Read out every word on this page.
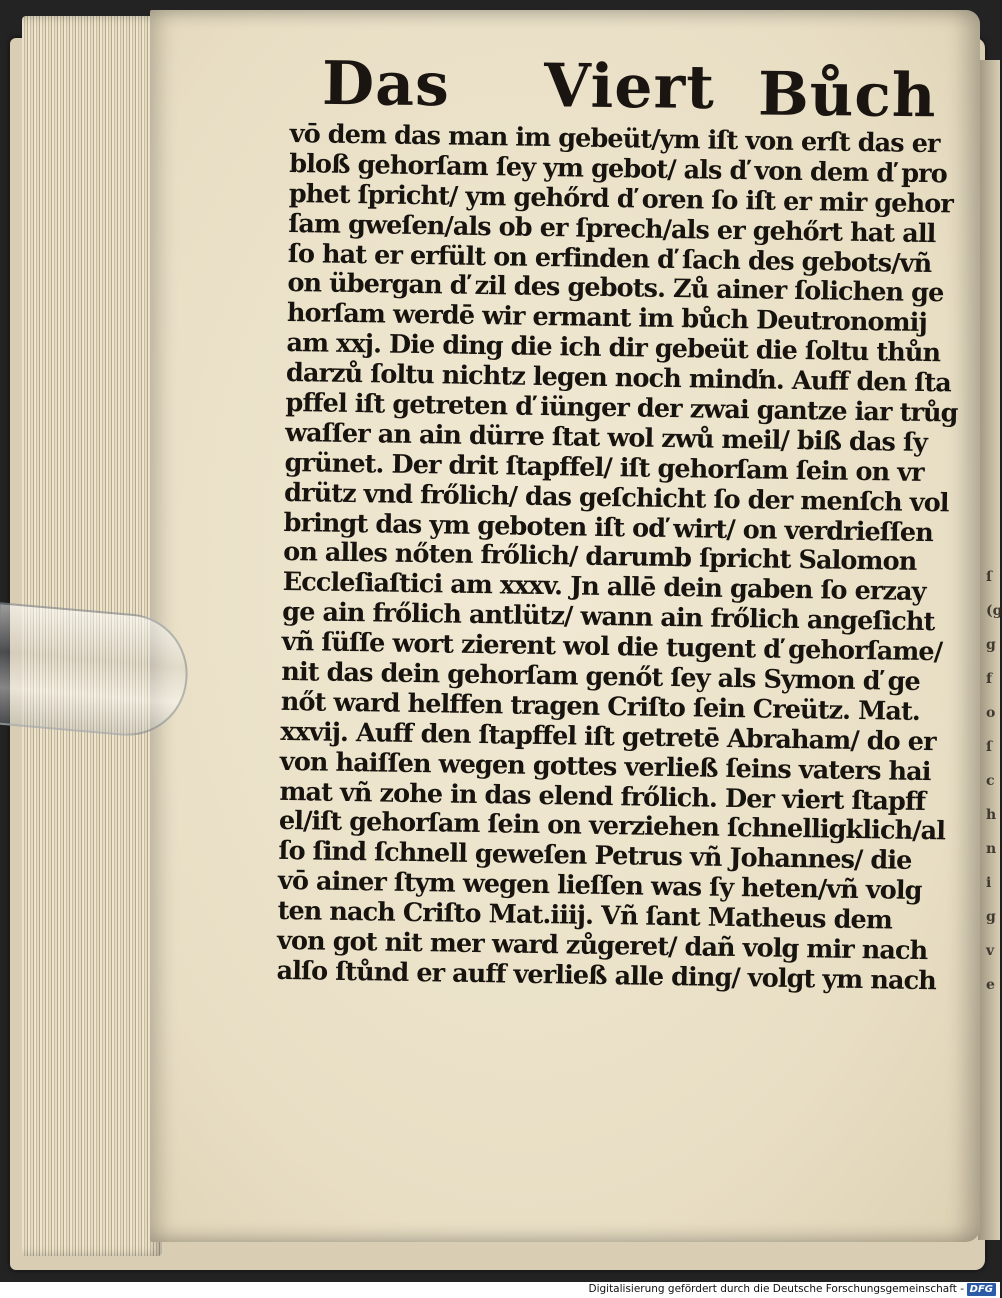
ſ(gg fo ſch nig ve
Das Viert Bůch
vō dem das man im gebeüt/ym iſt von erſt das er
bloß gehorſam ſey ym gebot/ als ď von dem ď pro
phet ſpricht/ ym gehőrd ď oren ſo iſt er mir gehor
ſam gweſen/als ob er ſprech/als er gehőrt hat all
ſo hat er erfült on erfinden ď ſach des gebots/vñ
on übergan ď zil des gebots. Zů ainer ſolichen ge
horſam werdē wir ermant im bůch Deutronomij
am xxj. Die ding die ich dir gebeüt die ſoltu thůn
darzů ſoltu nichtz legen noch minďn. Auff den ſta
pffel iſt getreten ď iünger der zwai gantze iar trůg
waſſer an ain dürre ſtat wol zwů meil/ biß das ſy
grünet. Der drit ſtapffel/ iſt gehorſam ſein on vr
drütz vnd frőlich/ das geſchicht ſo der menſch vol
bringt das ym geboten iſt oď wirt/ on verdrieſſen
on alles nőten frőlich/ darumb ſpricht Salomon
Eccleſiaſtici am xxxv. Jn allē dein gaben ſo erzay
ge ain frőlich antlütz/ wann ain frőlich angeſicht
vñ ſüſſe wort zierent wol die tugent ď gehorſame/
nit das dein gehorſam genőt ſey als Symon ď ge
nőt ward helffen tragen Criſto ſein Creütz. Mat.
xxvij. Auff den ſtapffel iſt getretē Abraham/ do er
von haiſſen wegen gottes verließ ſeins vaters hai
mat vñ zohe in das elend frőlich. Der viert ſtapff
el/iſt gehorſam ſein on verziehen ſchnelligklich/al
ſo ſind ſchnell geweſen Petrus vñ Johannes/ die
vō ainer ſtym wegen lieſſen was ſy heten/vñ volg
ten nach Criſto Mat.iiij. Vñ ſant Matheus dem
von got nit mer ward zůgeret/ dañ volg mir nach
alſo ſtůnd er auff verließ alle ding/ volgt ym nach
Digitalisierung gefördert durch die Deutsche Forschungsgemeinschaft - DFG
